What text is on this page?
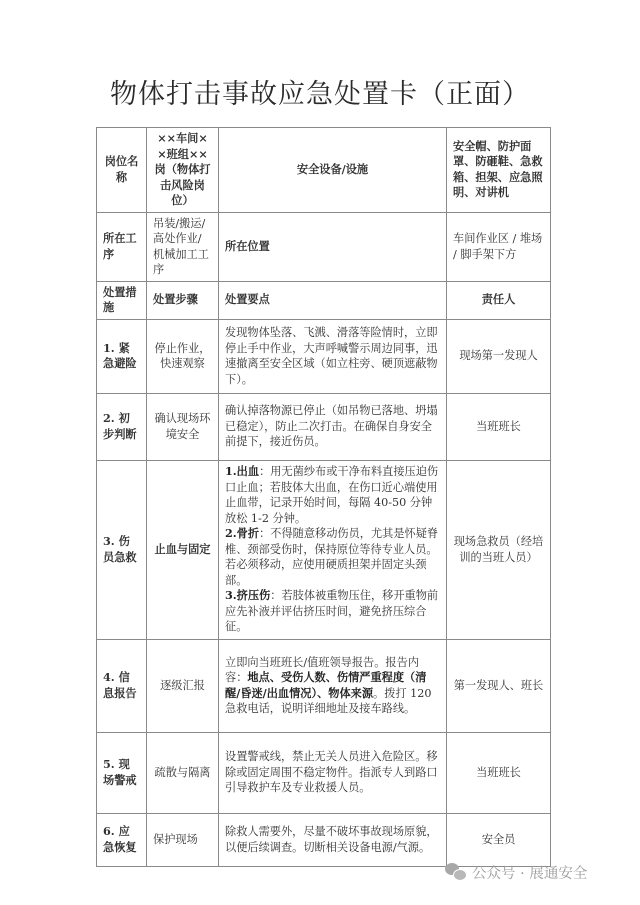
物体打击事故应急处置卡（正面）
岗位名称	××车间××班组××岗（物体打击风险岗位）	安全设备/设施	安全帽、防护面罩、防砸鞋、急救箱、担架、应急照明、对讲机
所在工序	吊装/搬运/高处作业/机械加工工序	所在位置	车间作业区 / 堆场 / 脚手架下方
处置措施	处置步骤	处置要点	责任人
1. 紧急避险	停止作业，快速观察	发现物体坠落、飞溅、滑落等险情时，立即停止手中作业，大声呼喊警示周边同事，迅速撤离至安全区域（如立柱旁、硬顶遮蔽物下）。	现场第一发现人
2. 初步判断	确认现场环境安全	确认掉落物源已停止（如吊物已落地、坍塌已稳定），防止二次打击。在确保自身安全前提下，接近伤员。	当班班长
3. 伤员急救	止血与固定	1.出血：用无菌纱布或干净布料直接压迫伤口止血；若肢体大出血，在伤口近心端使用止血带，记录开始时间，每隔 40-50 分钟放松 1-2 分钟。
2.骨折：不得随意移动伤员，尤其是怀疑脊椎、颈部受伤时，保持原位等待专业人员。若必须移动，应使用硬质担架并固定头颈部。
3.挤压伤：若肢体被重物压住，移开重物前应先补液并评估挤压时间，避免挤压综合征。	现场急救员（经培训的当班人员）
4. 信息报告	逐级汇报	立即向当班班长/值班领导报告。报告内容：地点、受伤人数、伤情严重程度（清醒/昏迷/出血情况）、物体来源。拨打 120 急救电话，说明详细地址及接车路线。	第一发现人、班长
5. 现场警戒	疏散与隔离	设置警戒线，禁止无关人员进入危险区。移除或固定周围不稳定物件。指派专人到路口引导救护车及专业救援人员。	当班班长
6. 应急恢复	保护现场	除救人需要外，尽量不破坏事故现场原貌，以便后续调查。切断相关设备电源/气源。	安全员
公众号 · 展通安全
